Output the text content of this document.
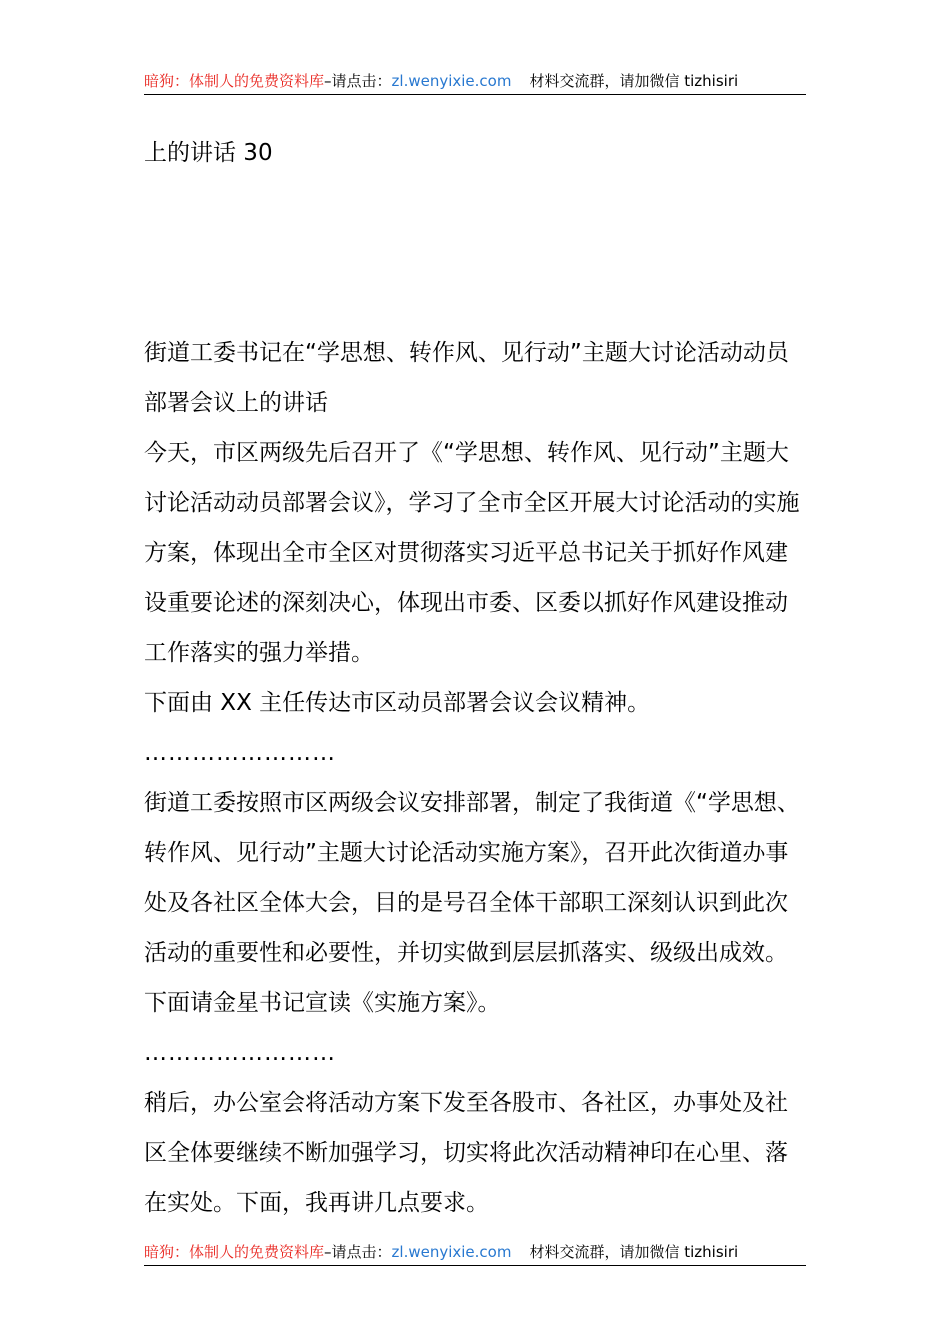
暗狗：体制人的免费资料库–请点击：zl.wenyixie.com 材料交流群，请加微信 tizhisiri

上的讲话 30

街道工委书记在“学思想、转作风、见行动”主题大讨论活动动员部署会议上的讲话

今天，市区两级先后召开了《“学思想、转作风、见行动”主题大讨论活动动员部署会议》，学习了全市全区开展大讨论活动的实施方案，体现出全市全区对贯彻落实习近平总书记关于抓好作风建设重要论述的深刻决心，体现出市委、区委以抓好作风建设推动工作落实的强力举措。

下面由 XX 主任传达市区动员部署会议会议精神。

……………………

街道工委按照市区两级会议安排部署，制定了我街道《“学思想、转作风、见行动”主题大讨论活动实施方案》，召开此次街道办事处及各社区全体大会，目的是号召全体干部职工深刻认识到此次活动的重要性和必要性，并切实做到层层抓落实、级级出成效。下面请金星书记宣读《实施方案》。

……………………

稍后，办公室会将活动方案下发至各股市、各社区，办事处及社区全体要继续不断加强学习，切实将此次活动精神印在心里、落在实处。下面，我再讲几点要求。

暗狗：体制人的免费资料库–请点击：zl.wenyixie.com 材料交流群，请加微信 tizhisiri
